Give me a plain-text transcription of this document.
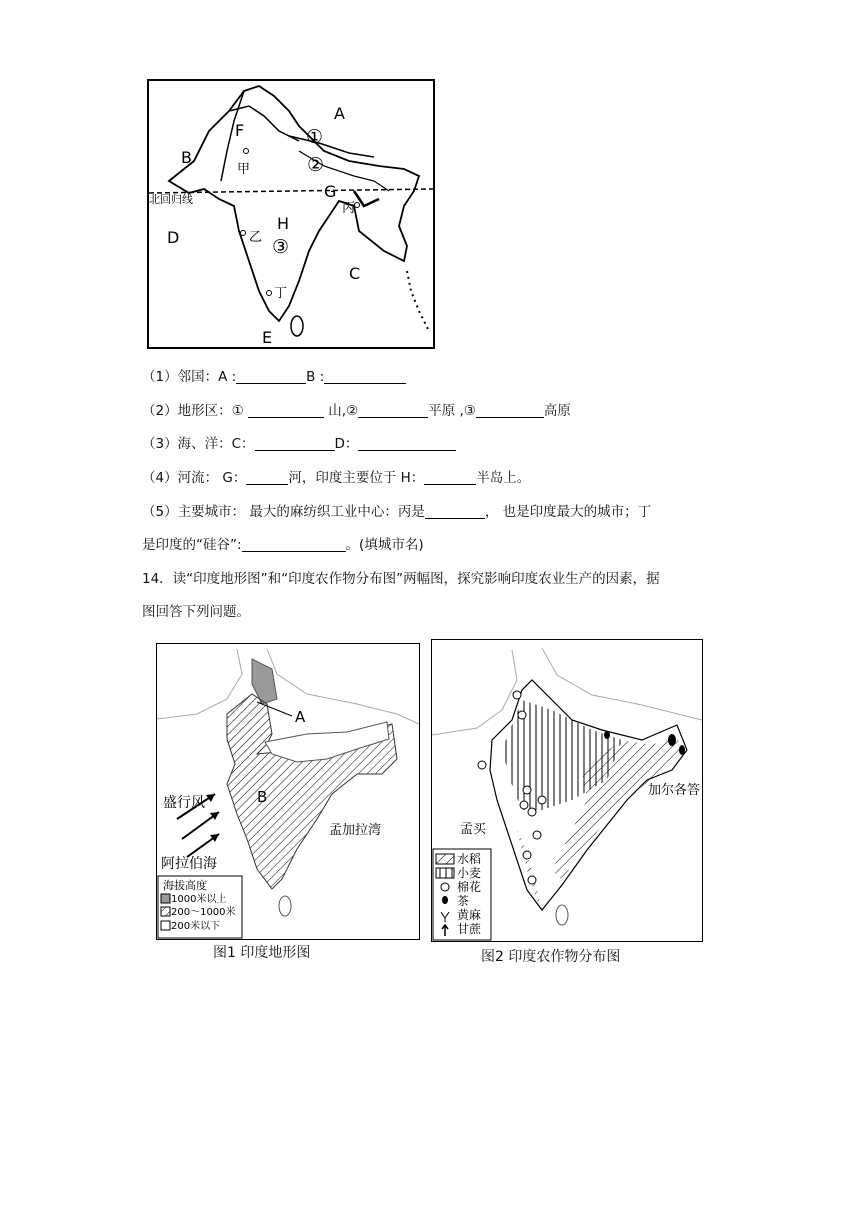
A
B
C
D
E
F
G
H
①
②
③
甲
乙
丙
丁
北回归线
（1）邻国：A :	B :
（2）地形区：①	山,②	平原 ,③	高原
（3）海、洋：C：	D：
（4）河流： G：	河，印度主要位于 H：	半岛上。
（5）主要城市： 最大的麻纺织工业中心：丙是	， 也是印度最大的城市；丁
是印度的“硅谷”:	。(填城市名)
14．读“印度地形图”和“印度农作物分布图”两幅图，探究影响印度农业生产的因素，据
图回答下列问题。
A
B
盛行风
阿拉伯海
孟加拉湾
海拔高度
1000米以上
200～1000米
200米以下
图1 印度地形图
孟买
加尔各答
水稻
小麦
棉花
茶
黄麻
甘蔗
图2 印度农作物分布图
